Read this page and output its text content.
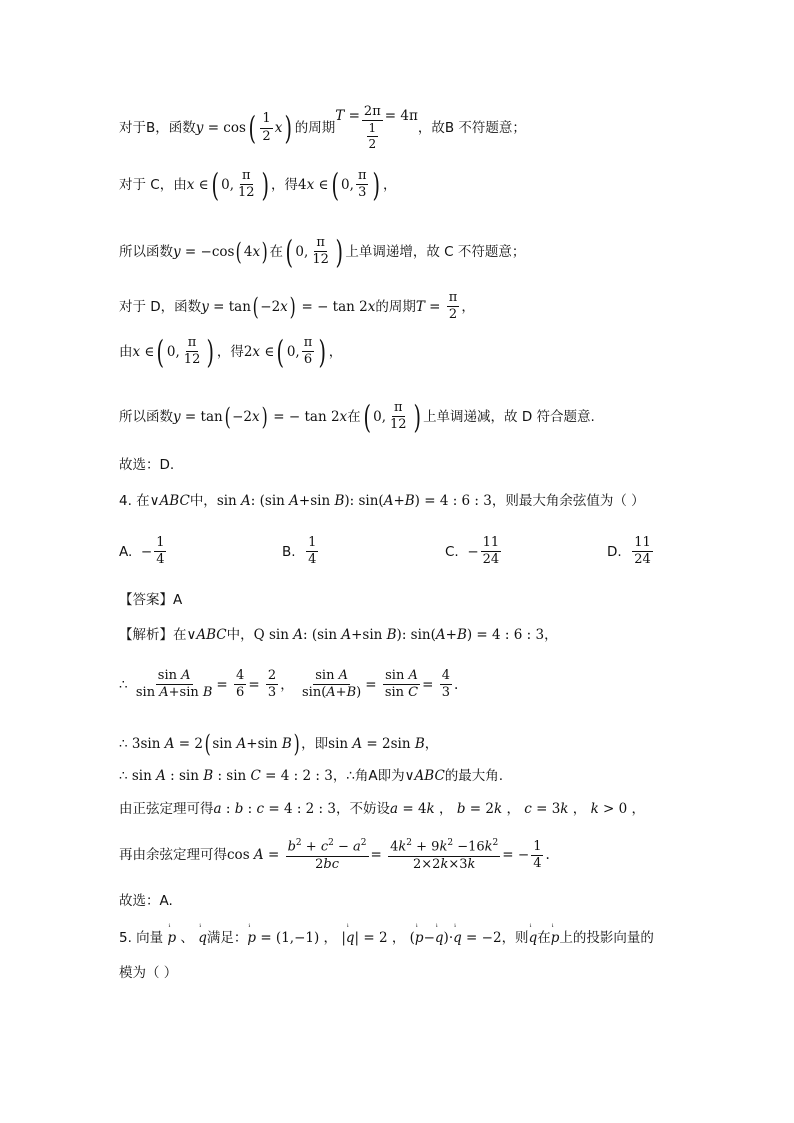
对于B，函数 y = cos ( $\frac{1}{2}$ x ) 的周期
T
= $\frac{2\pi}{\frac{1}{2}} = 4\pi$
，故B 不符题意；
对于 C，由 x ∈ ( 0, $\frac{\pi}{12}$ ) ，得 4 x ∈ ( 0, $\frac{\pi}{3}$ ) ，
所以函数 y = −cos ( 4 x ) 在 ( 0, $\frac{\pi}{12}$ ) 上单调递增，故 C 不符题意；
对于 D，函数 y = tan ( −2 x ) = − tan 2 x 的周期 $T = \frac{\pi}{2}$ ，
由 x ∈ ( 0, $\frac{\pi}{12}$ ) ，得 2 x ∈ ( 0, $\frac{\pi}{6}$ ) ，
所以函数 y = tan ( −2 x ) = − tan 2 x 在 ( 0, $\frac{\pi}{12}$ ) 上单调递减，故 D 符合题意.
故选：D.
4. 在 ∨ ABC 中， sin A : (sin A +sin B ): sin( A + B ) = 4 : 6 : 3 ，则最大角余弦值为（ ）
A.
− $\frac{1}{4}$	B.
$\frac{1}{4}$	C.
− $\frac{11}{24}$	D.
$\frac{11}{24}$
【答案】A
【解析】 在 ∨ ABC 中， Q sin A : (sin A +sin B ): sin( A + B ) = 4 : 6 : 3 ，
∴ $\frac{\text{sin A}}{\text{sin A+sin B}} = \frac{4}{6} = \frac{2}{3}$ ，
$\frac{\text{sin A}}{\sin(A+B)} = \frac{\text{sin A}}{\text{sin C}} = \frac{4}{3}$ .
∴ 3sin A = 2 ( sin A +sin B ) ，即 sin A = 2sin B ，
∴ sin A : sin B : sin C = 4 : 2 : 3 ，∴角A即为 ∨ ABC 的最大角.
由正弦定理可得 a : b : c = 4 : 2 : 3 ，不妨设 a = 4 k ， b = 2 k ， c = 3 k ， k > 0 ，
再由余弦定理可得 $\cos A = \frac{b^2 + c^2 - a^2}{2bc} = \frac{4k^2 + 9k^2 -16k^2}{2\times 2k\times 3k}$ = − $\frac{1}{4}$ .
故选：A.
5. 向量
ⁱ p
、
ⁱ q 满足： ⁱ p = (1,−1) ， | ⁱ q | = 2 ， ( ⁱ p − ⁱ q )· ⁱ q = −2 ，则 ⁱ q 在 ⁱ p 上的投影向量的
模为（ ）
